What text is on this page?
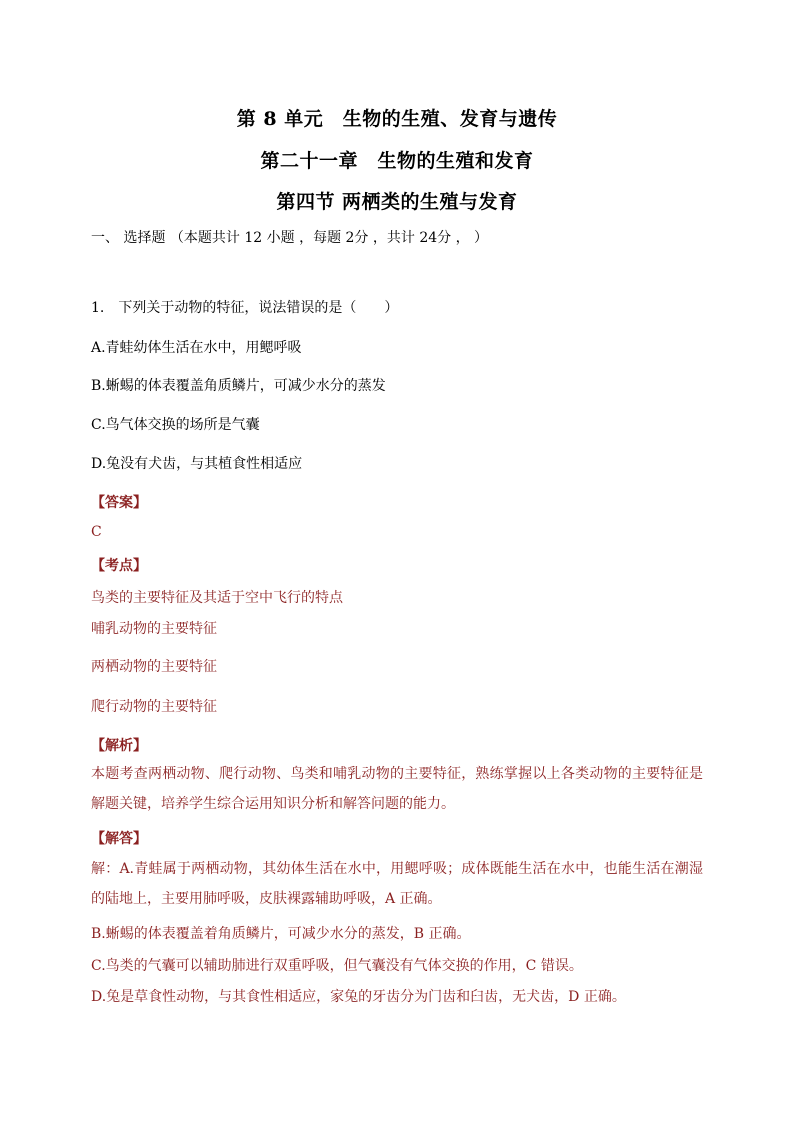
第 8 单元　生物的生殖、发育与遗传
第二十一章　生物的生殖和发育
第四节 两栖类的生殖与发育
一、 选择题 （本题共计 12 小题 ，每题 2分 ，共计 24分 ， ）
1.　下列关于动物的特征，说法错误的是（　　）
A.青蛙幼体生活在水中，用鳃呼吸
B.蜥蜴的体表覆盖角质鳞片，可减少水分的蒸发
C.鸟气体交换的场所是气囊
D.兔没有犬齿，与其植食性相适应
【答案】
C
【考点】
鸟类的主要特征及其适于空中飞行的特点
哺乳动物的主要特征
两栖动物的主要特征
爬行动物的主要特征
【解析】
本题考查两栖动物、爬行动物、鸟类和哺乳动物的主要特征，熟练掌握以上各类动物的主要特征是解题关键，培养学生综合运用知识分析和解答问题的能力。
【解答】
解：A.青蛙属于两栖动物，其幼体生活在水中，用鳃呼吸；成体既能生活在水中，也能生活在潮湿的陆地上，主要用肺呼吸，皮肤裸露辅助呼吸，A 正确。
B.蜥蜴的体表覆盖着角质鳞片，可减少水分的蒸发，B 正确。
C.鸟类的气囊可以辅助肺进行双重呼吸，但气囊没有气体交换的作用，C 错误。
D.兔是草食性动物，与其食性相适应，家兔的牙齿分为门齿和臼齿，无犬齿，D 正确。
